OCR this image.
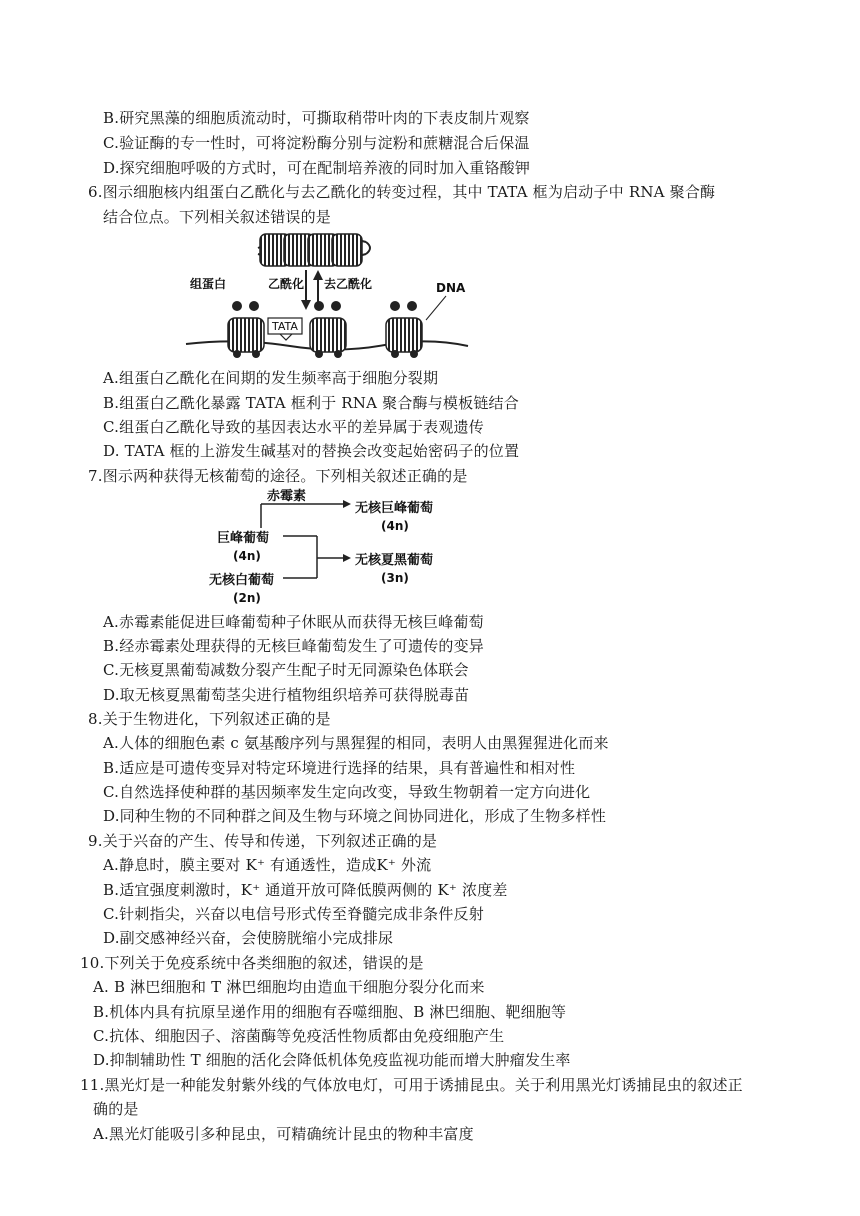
B.研究黑藻的细胞质流动时，可撕取稍带叶肉的下表皮制片观察
C.验证酶的专一性时，可将淀粉酶分别与淀粉和蔗糖混合后保温
D.探究细胞呼吸的方式时，可在配制培养液的同时加入重铬酸钾
6.图示细胞核内组蛋白乙酰化与去乙酰化的转变过程，其中 TATA 框为启动子中 RNA 聚合酶
结合位点。下列相关叙述错误的是
乙酰化 去乙酰化
组蛋白	DNA
TATA
A.组蛋白乙酰化在间期的发生频率高于细胞分裂期
B.组蛋白乙酰化暴露 TATA 框利于 RNA 聚合酶与模板链结合
C.组蛋白乙酰化导致的基因表达水平的差异属于表观遗传
D. TATA 框的上游发生碱基对的替换会改变起始密码子的位置
7.图示两种获得无核葡萄的途径。下列相关叙述正确的是
赤霉素
无核巨峰葡萄
(4n)
巨峰葡萄
(4n)	无核夏黑葡萄
(3n)
无核白葡萄
(2n)
A.赤霉素能促进巨峰葡萄种子休眠从而获得无核巨峰葡萄
B.经赤霉素处理获得的无核巨峰葡萄发生了可遗传的变异
C.无核夏黑葡萄减数分裂产生配子时无同源染色体联会
D.取无核夏黑葡萄茎尖进行植物组织培养可获得脱毒苗
8.关于生物进化，下列叙述正确的是
A.人体的细胞色素 c 氨基酸序列与黑猩猩的相同，表明人由黑猩猩进化而来
B.适应是可遗传变异对特定环境进行选择的结果，具有普遍性和相对性
C.自然选择使种群的基因频率发生定向改变，导致生物朝着一定方向进化
D.同种生物的不同种群之间及生物与环境之间协同进化，形成了生物多样性
9.关于兴奋的产生、传导和传递，下列叙述正确的是
A.静息时，膜主要对 K⁺ 有通透性，造成K⁺ 外流
B.适宜强度刺激时，K⁺ 通道开放可降低膜两侧的 K⁺ 浓度差
C.针刺指尖，兴奋以电信号形式传至脊髓完成非条件反射
D.副交感神经兴奋，会使膀胱缩小完成排尿
10.下列关于免疫系统中各类细胞的叙述，错误的是
A. B 淋巴细胞和 T 淋巴细胞均由造血干细胞分裂分化而来
B.机体内具有抗原呈递作用的细胞有吞噬细胞、B 淋巴细胞、靶细胞等
C.抗体、细胞因子、溶菌酶等免疫活性物质都由免疫细胞产生
D.抑制辅助性 T 细胞的活化会降低机体免疫监视功能而增大肿瘤发生率
11.黑光灯是一种能发射紫外线的气体放电灯，可用于诱捕昆虫。关于利用黑光灯诱捕昆虫的叙述正
确的是
A.黑光灯能吸引多种昆虫，可精确统计昆虫的物种丰富度
